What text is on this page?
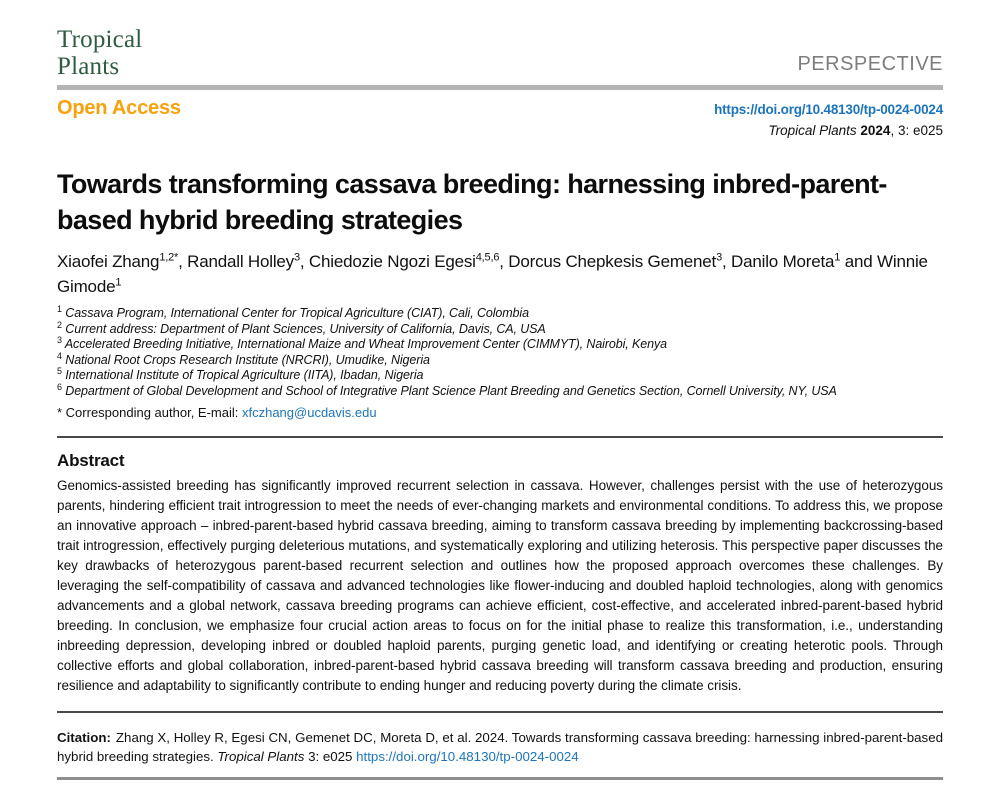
Tropical
Plants	PERSPECTIVE
Open Access	https://doi.org/10.48130/tp-0024-0024
Tropical Plants 2024, 3: e025
Towards transforming cassava breeding: harnessing inbred-parent-based hybrid breeding strategies
Xiaofei Zhang$^{1,2*}$, Randall Holley$^3$, Chiedozie Ngozi Egesi$^{4,5,6}$, Dorcus Chepkesis Gemenet$^3$, Danilo Moreta$^1$ and Winnie Gimode$^1$
$^1$ Cassava Program, International Center for Tropical Agriculture (CIAT), Cali, Colombia
$^2$ Current address: Department of Plant Sciences, University of California, Davis, CA, USA
$^3$ Accelerated Breeding Initiative, International Maize and Wheat Improvement Center (CIMMYT), Nairobi, Kenya
$^4$ National Root Crops Research Institute (NRCRI), Umudike, Nigeria
$^5$ International Institute of Tropical Agriculture (IITA), Ibadan, Nigeria
$^6$ Department of Global Development and School of Integrative Plant Science Plant Breeding and Genetics Section, Cornell University, NY, USA
* Corresponding author, E-mail: xfczhang@ucdavis.edu
Abstract

Genomics-assisted breeding has significantly improved recurrent selection in cassava. However, challenges persist with the use of heterozygous parents, hindering efficient trait introgression to meet the needs of ever-changing markets and environmental conditions. To address this, we propose an innovative approach – inbred-parent-based hybrid cassava breeding, aiming to transform cassava breeding by implementing backcrossing-based trait introgression, effectively purging deleterious mutations, and systematically exploring and utilizing heterosis. This perspective paper discusses the key drawbacks of heterozygous parent-based recurrent selection and outlines how the proposed approach overcomes these challenges. By leveraging the self-compatibility of cassava and advanced technologies like flower-inducing and doubled haploid technologies, along with genomics advancements and a global network, cassava breeding programs can achieve efficient, cost-effective, and accelerated inbred-parent-based hybrid breeding. In conclusion, we emphasize four crucial action areas to focus on for the initial phase to realize this transformation, i.e., understanding inbreeding depression, developing inbred or doubled haploid parents, purging genetic load, and identifying or creating heterotic pools. Through collective efforts and global collaboration, inbred-parent-based hybrid cassava breeding will transform cassava breeding and production, ensuring resilience and adaptability to significantly contribute to ending hunger and reducing poverty during the climate crisis.

Citation: Zhang X, Holley R, Egesi CN, Gemenet DC, Moreta D, et al. 2024. Towards transforming cassava breeding: harnessing inbred-parent-based hybrid breeding strategies. Tropical Plants 3: e025 https://doi.org/10.48130/tp-0024-0024
